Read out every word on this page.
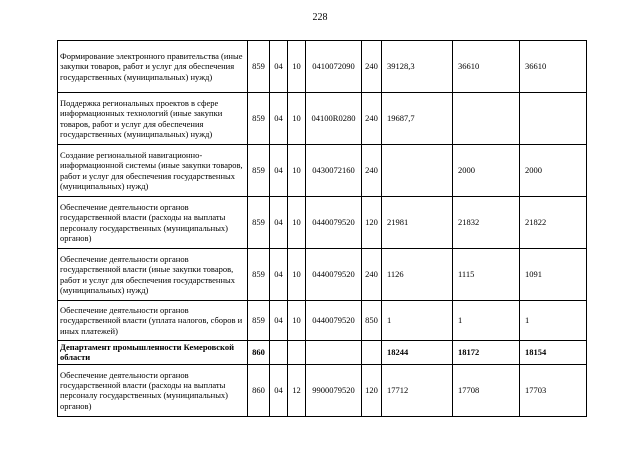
228
Формирование электронного правительства (иные закупки товаров, работ и услуг для обеспечения государственных (муниципальных) нужд)	859	04	10	0410072090	240	39128,3	36610	36610
Поддержка региональных проектов в сфере информационных технологий (иные закупки товаров, работ и услуг для обеспечения государственных (муниципальных) нужд)	859	04	10	04100R0280	240	19687,7		
Создание региональной навигационно-информационной системы (иные закупки товаров, работ и услуг для обеспечения государственных (муниципальных) нужд)	859	04	10	0430072160	240		2000	2000
Обеспечение деятельности органов государственной власти (расходы на выплаты персоналу государственных (муниципальных) органов)	859	04	10	0440079520	120	21981	21832	21822
Обеспечение деятельности органов государственной власти (иные закупки товаров, работ и услуг для обеспечения государственных (муниципальных) нужд)	859	04	10	0440079520	240	1126	1115	1091
Обеспечение деятельности органов государственной власти (уплата налогов, сборов и иных платежей)	859	04	10	0440079520	850	1	1	1
Департамент промышленности Кемеровской области	860					18244	18172	18154
Обеспечение деятельности органов государственной власти (расходы на выплаты персоналу государственных (муниципальных) органов)	860	04	12	9900079520	120	17712	17708	17703
